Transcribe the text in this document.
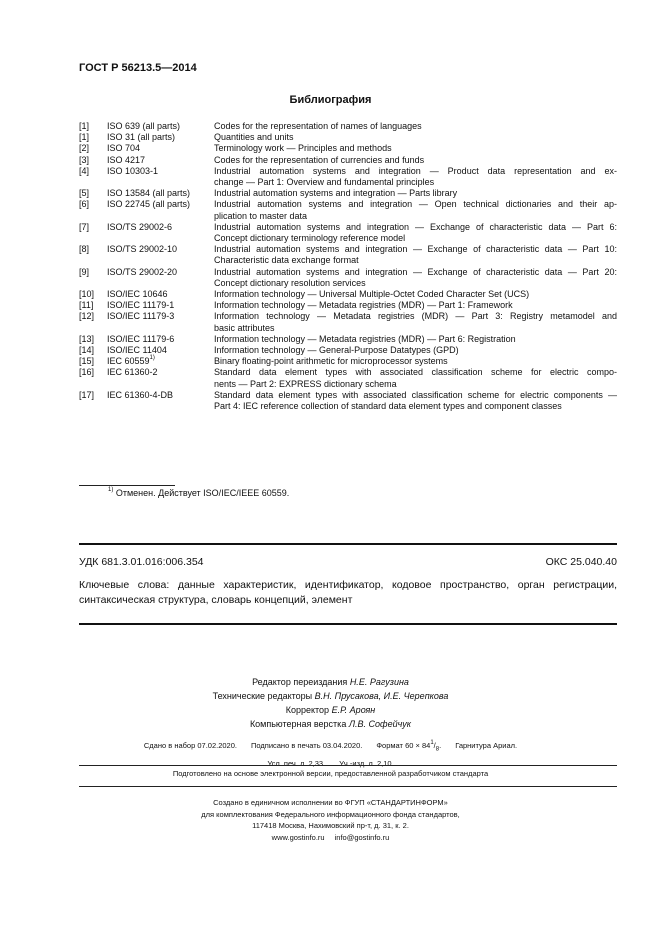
ГОСТ Р 56213.5—2014
Библиография
[1]	ISO 639 (all parts)	Codes for the representation of names of languages
[1]	ISO 31 (all parts)	Quantities and units
[2]	ISO 704	Terminology work — Principles and methods
[3]	ISO 4217	Codes for the representation of currencies and funds
[4]	ISO 10303-1	Industrial automation systems and integration — Product data representation and ex-
change — Part 1: Overview and fundamental principles
[5]	ISO 13584 (all parts)	Industrial automation systems and integration — Parts library
[6]	ISO 22745 (all parts)	Industrial automation systems and integration — Open technical dictionaries and their ap-
plication to master data
[7]	ISO/TS 29002-6	Industrial automation systems and integration — Exchange of characteristic data — Part 6:
Concept dictionary terminology reference model
[8]	ISO/TS 29002-10	Industrial automation systems and integration — Exchange of characteristic data — Part 10:
Characteristic data exchange format
[9]	ISO/TS 29002-20	Industrial automation systems and integration — Exchange of characteristic data — Part 20:
Concept dictionary resolution services
[10]	ISO/IEC 10646	Information technology — Universal Multiple-Octet Coded Character Set (UCS)
[11]	ISO/IEC 11179-1	Information technology — Metadata registries (MDR) — Part 1: Framework
[12]	ISO/IEC 11179-3	Information technology — Metadata registries (MDR) — Part 3: Registry metamodel and
basic attributes
[13]	ISO/IEC 11179-6	Information technology — Metadata registries (MDR) — Part 6: Registration
[14]	ISO/IEC 11404	Information technology — General-Purpose Datatypes (GPD)
[15]	IEC 60559$^{1)}$	Binary floating-point arithmetic for microprocessor systems
[16]	IEC 61360-2	Standard data element types with associated classification scheme for electric compo-
nents — Part 2: EXPRESS dictionary schema
[17]	IEC 61360-4-DB	Standard data element types with associated classification scheme for electric components —
Part 4: IEC reference collection of standard data element types and component classes
$^{1)}$ Отменен. Действует ISO/IEC/IEEE 60559.
УДК 681.3.01.016:006.354	ОКС 25.040.40
Ключевые слова: данные характеристик, идентификатор, кодовое пространство, орган регистрации, синтаксическая структура, словарь концепций, элемент
Редактор переиздания Н.Е. Рагузина
Технические редакторы В.Н. Прусакова, И.Е. Черепкова
Корректор Е.Р. Ароян
Компьютерная верстка Л.В. Софейчук
Сдано в набор 07.02.2020. Подписано в печать 03.04.2020. Формат $60 \times 84^1/_8$. Гарнитура Ариал.
Усл. печ. л. 2,33. Уч.-изд. л. 2,10.
Подготовлено на основе электронной версии, предоставленной разработчиком стандарта
Создано в единичном исполнении во ФГУП «СТАНДАРТИНФОРМ»
для комплектования Федерального информационного фонда стандартов,
117418 Москва, Нахимовский пр-т, д. 31, к. 2.
www.gostinfo.ru info@gostinfo.ru
